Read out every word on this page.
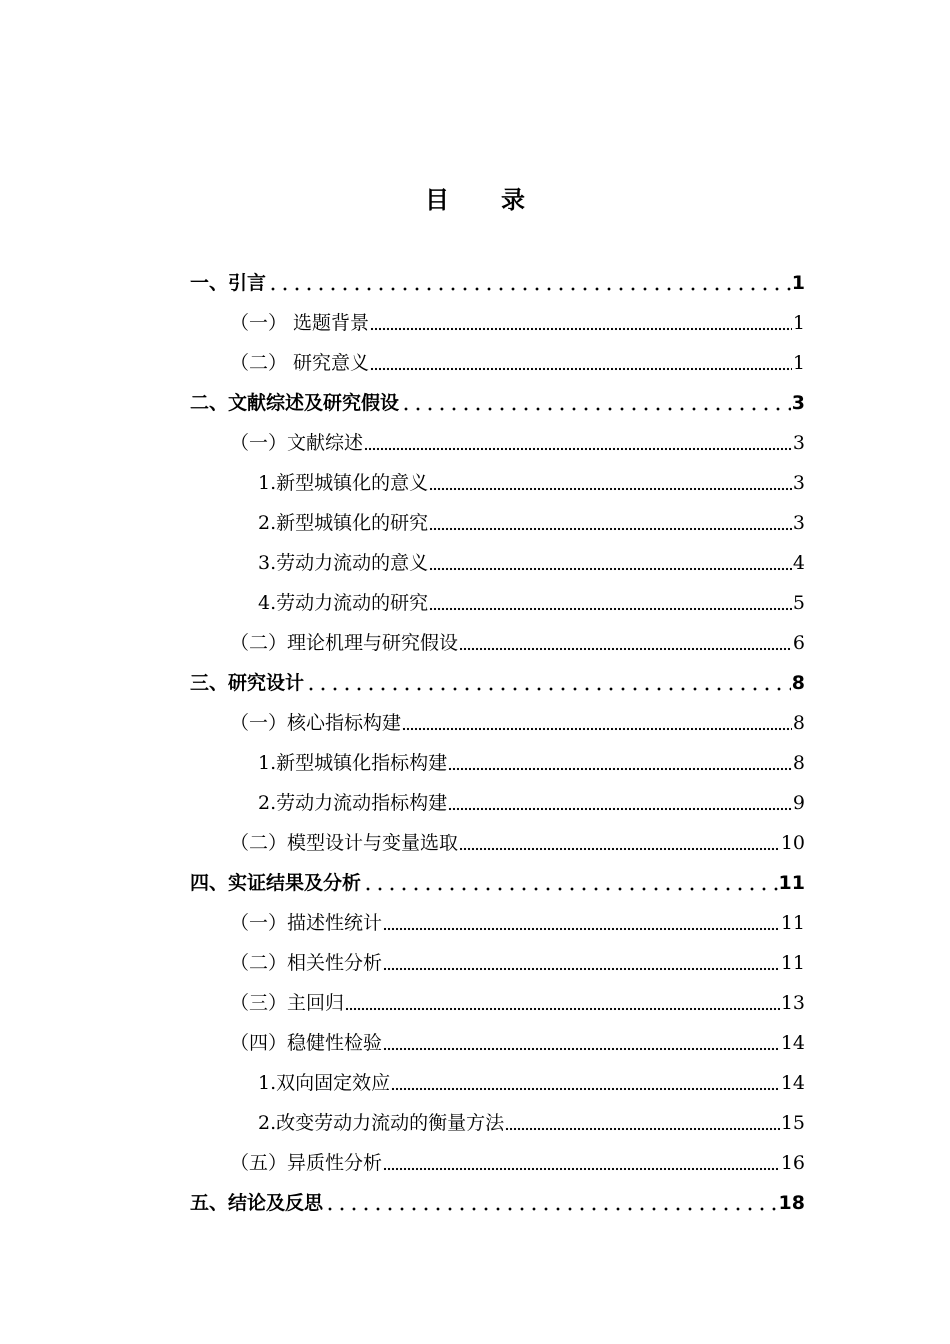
目 录
一、引言	1
（一） 选题背景	1
（二） 研究意义	1
二、文献综述及研究假设	3
（一）文献综述	3
1.新型城镇化的意义	3
2.新型城镇化的研究	3
3.劳动力流动的意义	4
4.劳动力流动的研究	5
（二）理论机理与研究假设	6
三、研究设计	8
（一）核心指标构建	8
1.新型城镇化指标构建	8
2.劳动力流动指标构建	9
（二）模型设计与变量选取	10
四、实证结果及分析	11
（一）描述性统计	11
（二）相关性分析	11
（三）主回归	13
（四）稳健性检验	14
1.双向固定效应	14
2.改变劳动力流动的衡量方法	15
（五）异质性分析	16
五、结论及反思	18
